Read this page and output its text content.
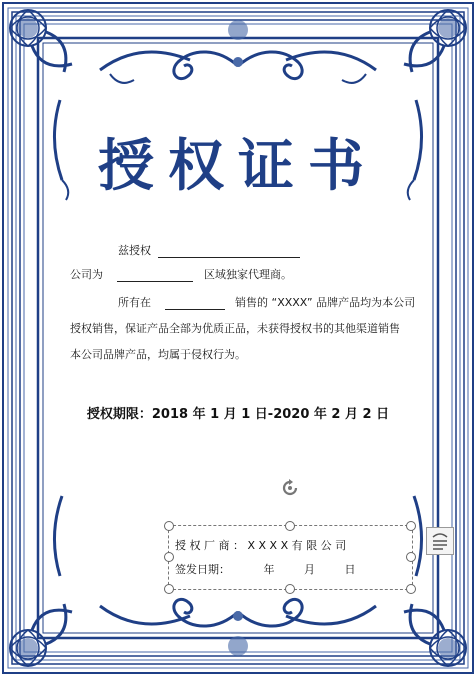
授权证书
兹授权
公司为	区域独家代理商。
所有在	销售的 “XXXX” 品牌产品均为本公司
授权销售，保证产品全部为优质正品，未获得授权书的其他渠道销售
本公司品牌产品，均属于侵权行为。
授权期限：2018 年 1 月 1 日-2020 年 2 月 2 日
授 权 厂 商 ： X X X X 有 限 公 司
签发日期：	年	月	日
